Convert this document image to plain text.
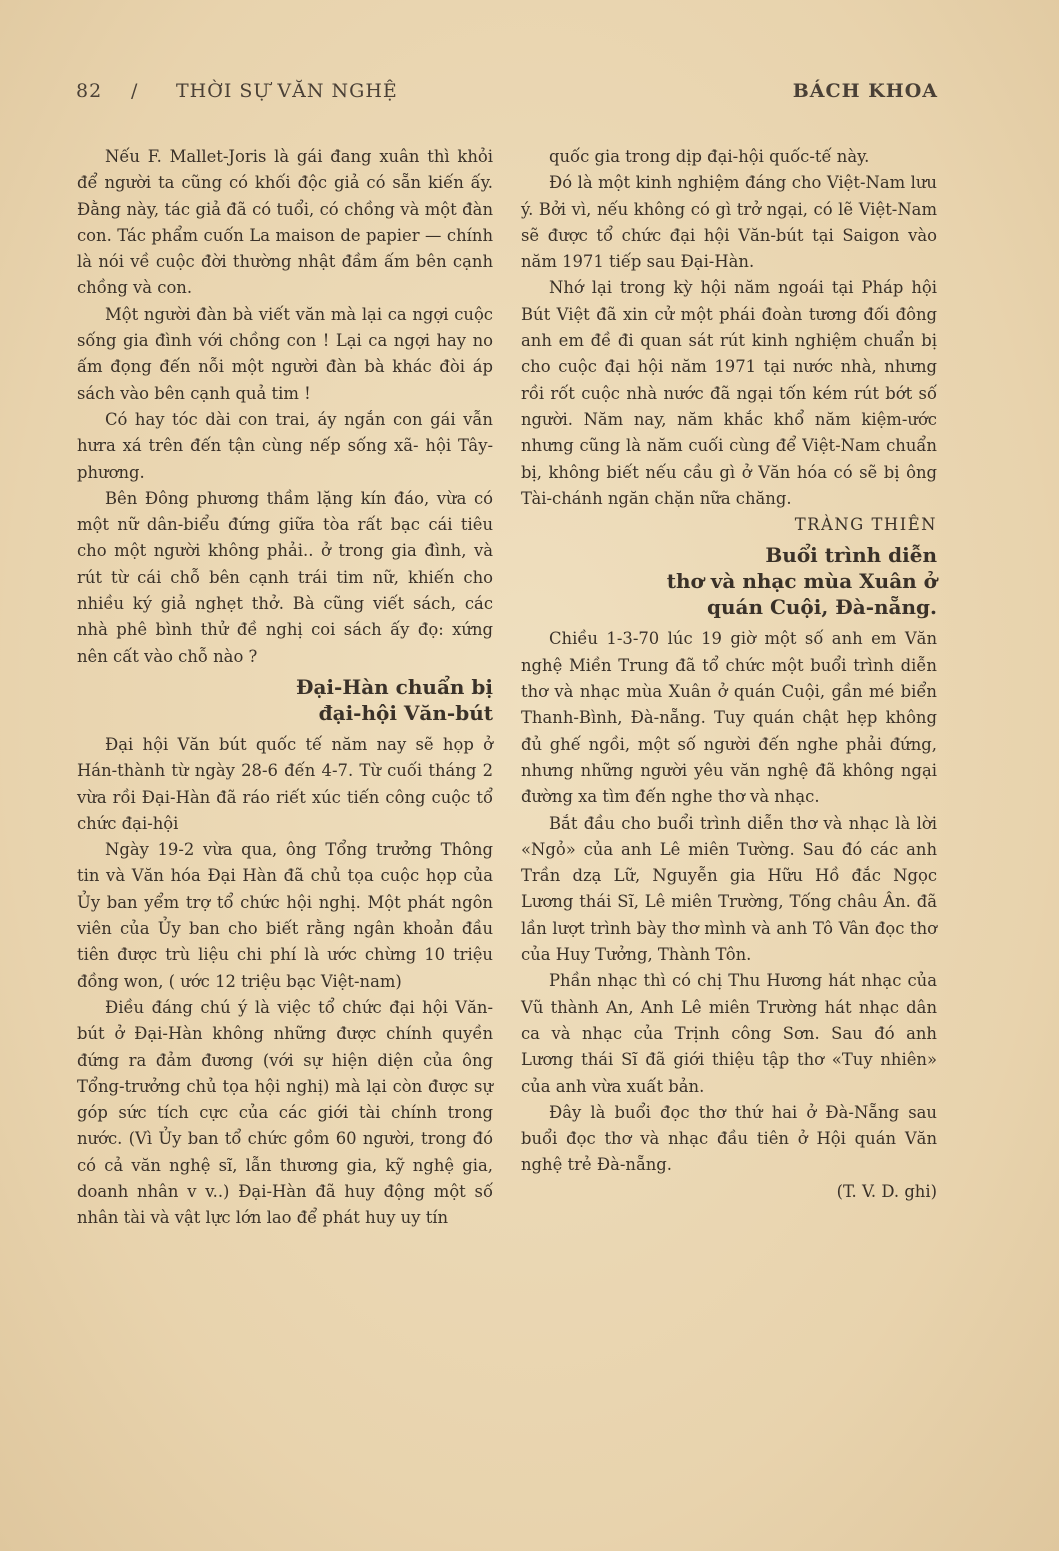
82 / THỜI SỰ VĂN NGHỆ	BÁCH KHOA

Nếu F. Mallet-Joris là gái đang xuân thì khỏi để người ta cũng có khối độc giả có sẵn kiến ấy. Đằng này, tác giả đã có tuổi, có chồng và một đàn con. Tác phẩm cuốn La maison de papier — chính là nói về cuộc đời thường nhật đầm ấm bên cạnh chồng và con.

Một người đàn bà viết văn mà lại ca ngợi cuộc sống gia đình với chồng con ! Lại ca ngợi hay no ấm đọng đến nỗi một người đàn bà khác đòi áp sách vào bên cạnh quả tim !

Có hay tóc dài con trai, áy ngắn con gái vẫn hưra xá trên đến tận cùng nếp sống xã- hội Tây-phương.

Bên Đông phương thầm lặng kín đáo, vừa có một nữ dân-biểu đứng giữa tòa rất bạc cái tiêu cho một người không phải.. ở trong gia đình, và rút từ cái chỗ bên cạnh trái tim nữ, khiến cho nhiều ký giả nghẹt thở. Bà cũng viết sách, các nhà phê bình thử đề nghị coi sách ấy đọ: xứng nên cất vào chỗ nào ?

Đại-Hàn chuẩn bị
đại-hội Văn-bút

Đại hội Văn bút quốc tế năm nay sẽ họp ở Hán-thành từ ngày 28-6 đến 4-7. Từ cuối tháng 2 vừa rồi Đại-Hàn đã ráo riết xúc tiến công cuộc tổ chức đại-hội

Ngày 19-2 vừa qua, ông Tổng trưởng Thông tin và Văn hóa Đại Hàn đã chủ tọa cuộc họp của Ủy ban yểm trợ tổ chức hội nghị. Một phát ngôn viên của Ủy ban cho biết rằng ngân khoản đầu tiên được trù liệu chi phí là ước chừng 10 triệu đồng won, ( ước 12 triệu bạc Việt-nam)

Điều đáng chú ý là việc tổ chức đại hội Văn-bút ở Đại-Hàn không những được chính quyền đứng ra đảm đương (với sự hiện diện của ông Tổng-trưởng chủ tọa hội nghị) mà lại còn được sự góp sức tích cực của các giới tài chính trong nước. (Vì Ủy ban tổ chức gồm 60 người, trong đó có cả văn nghệ sĩ, lẫn thương gia, kỹ nghệ gia, doanh nhân v v..) Đại-Hàn đã huy động một số nhân tài và vật lực lớn lao để phát huy uy tín

quốc gia trong dịp đại-hội quốc-tế này.

Đó là một kinh nghiệm đáng cho Việt-Nam lưu ý. Bởi vì, nếu không có gì trở ngại, có lẽ Việt-Nam sẽ được tổ chức đại hội Văn-bút tại Saigon vào năm 1971 tiếp sau Đại-Hàn.

Nhớ lại trong kỳ hội năm ngoái tại Pháp hội Bút Việt đã xin cử một phái đoàn tương đối đông anh em đề đi quan sát rút kinh nghiệm chuẩn bị cho cuộc đại hội năm 1971 tại nước nhà, nhưng rồi rốt cuộc nhà nước đã ngại tốn kém rút bớt số người. Năm nay, năm khắc khổ năm kiệm-ước nhưng cũng là năm cuối cùng để Việt-Nam chuẩn bị, không biết nếu cầu gì ở Văn hóa có sẽ bị ông Tài-chánh ngăn chặn nữa chăng.

TRÀNG THIÊN

Buổi trình diễn
thơ và nhạc mùa Xuân ở
quán Cuội, Đà-nẵng.

Chiều 1-3-70 lúc 19 giờ một số anh em Văn nghệ Miền Trung đã tổ chức một buổi trình diễn thơ và nhạc mùa Xuân ở quán Cuội, gần mé biển Thanh-Bình, Đà-nẵng. Tuy quán chật hẹp không đủ ghế ngồi, một số người đến nghe phải đứng, nhưng những người yêu văn nghệ đã không ngại đường xa tìm đến nghe thơ và nhạc.

Bắt đầu cho buổi trình diễn thơ và nhạc là lời «Ngỏ» của anh Lê miên Tường. Sau đó các anh Trần dzạ Lữ, Nguyễn gia Hữu Hồ đắc Ngọc Lương thái Sĩ, Lê miên Trường, Tống châu Ân. đã lần lượt trình bày thơ mình và anh Tô Vân đọc thơ của Huy Tưởng, Thành Tôn.

Phần nhạc thì có chị Thu Hương hát nhạc của Vũ thành An, Anh Lê miên Trường hát nhạc dân ca và nhạc của Trịnh công Sơn. Sau đó anh Lương thái Sĩ đã giới thiệu tập thơ «Tuy nhiên» của anh vừa xuất bản.

Đây là buổi đọc thơ thứ hai ở Đà-Nẵng sau buổi đọc thơ và nhạc đầu tiên ở Hội quán Văn nghệ trẻ Đà-nẵng.

(T. V. D. ghi)
